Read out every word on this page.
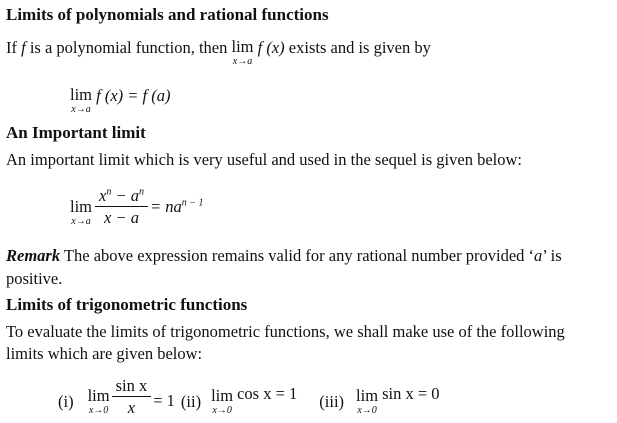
Limits of polynomials and rational functions
If f is a polynomial function, then lim
x→a
f (x) exists and is given by
lim
x→a
f (x) = f (a)
An Important limit
An important limit which is very useful and used in the sequel is given below:
lim
$x\to a \frac{x^n - a^n}{x - a} = na^{n - 1}$
Remark The above expression remains valid for any rational number provided ‘a’ is
positive.
Limits of trigonometric functions
To evaluate the limits of trigonometric functions, we shall make use of the following
limits which are given below:
(i) lim
$x\to 0 \frac{\text{sin x}}{x} = 1$ (ii) lim
x→0
cos x = 1 (iii) lim
x→0
sin x = 0
